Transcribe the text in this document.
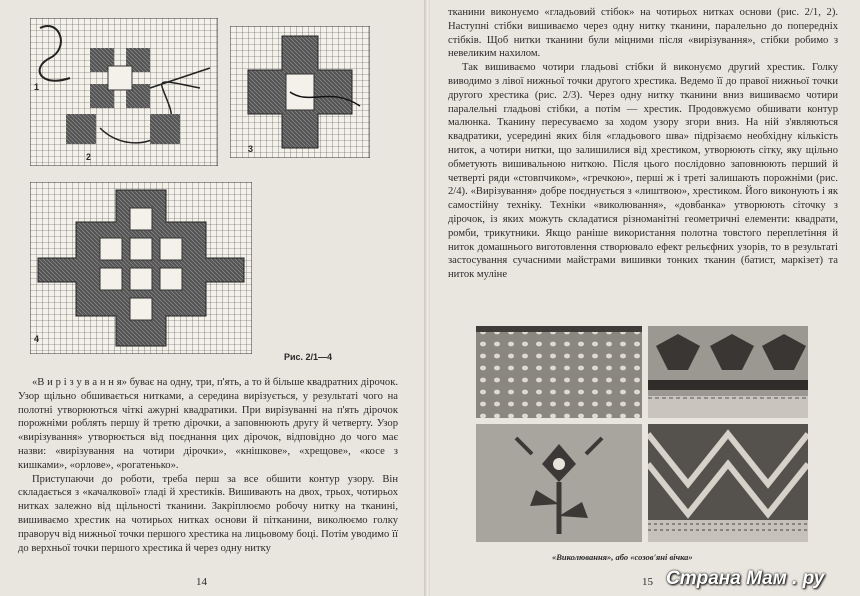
1
2
3
4
Рис. 2/1—4

«В и р і з у в а н н я» буває на одну, три, п'ять, а то й більше квадратних дірочок. Узор щільно обшивається нитками, а середина вирізується, у результаті чого на полотні утворюються чіткі ажурні квадратики. При вирізуванні на п'ять дірочок порожніми роблять першу й третю дірочки, а заповнюють другу й четверту. Узор «вирізування» утворюється від поєднання цих дірочок, відповідно до чого має назви: «вирізування на чотири дірочки», «кнішкове», «хрещове», «косе з кишками», «орлове», «рогатенько».

Приступаючи до роботи, треба перш за все обшити контур узору. Він складається з «качалкової» гладі й хрестиків. Вишивають на двох, трьох, чотирьох нитках залежно від щільності тканини. Закріплюємо робочу нитку на тканині, вишиваємо хрестик на чотирьох нитках основи й пітканини, виколюємо голку праворуч від нижньої точки першого хрестика на лицьовому боці. Потім уводимо її до верхньої точки першого хрестика й через одну нитку

14

тканини виконуємо «гладьовий стібок» на чотирьох нитках основи (рис. 2/1, 2). Наступні стібки вишиваємо через одну нитку тканини, паралельно до попередніх стібків. Щоб нитки тканини були міцними після «вирізування», стібки робимо з невеликим нахилом.

Так вишиваємо чотири гладьові стібки й виконуємо другий хрестик. Голку виводимо з лівої нижньої точки другого хрестика. Ведемо її до правої нижньої точки другого хрестика (рис. 2/3). Через одну нитку тканини вниз вишиваємо чотири паралельні гладьові стібки, а потім — хрестик. Продовжуємо обшивати контур малюнка. Тканину пересуваємо за ходом узору згори вниз. На ній з'являються квадратики, усередині яких біля «гладьового шва» підрізаємо необхідну кількість ниток, а чотири нитки, що залишилися від хрестиком, утворюють сітку, яку щільно обметують вишивальною ниткою. Після цього послідовно заповнюють перший й четверті ряди «стовпчиком», «гречкою», перші ж і треті залишають порожніми (рис. 2/4). «Вирізування» добре поєднується з «лиштвою», хрестиком. Його виконують і як самостійну техніку. Техніки «виколювання», «довбанка» утворюють сіточку з дірочок, із яких можуть складатися різноманітні геометричні елементи: квадрати, ромби, трикутники. Якщо раніше використання полотна товстого переплетіння й ниток домашнього виготовлення створювало ефект рельєфних узорів, то в результаті застосування сучасними майстрами вишивки тонких тканин (батист, маркізет) та ниток муліне

«Виколювання», або «созов'яні вічка»
15 Страна Мам . ру
